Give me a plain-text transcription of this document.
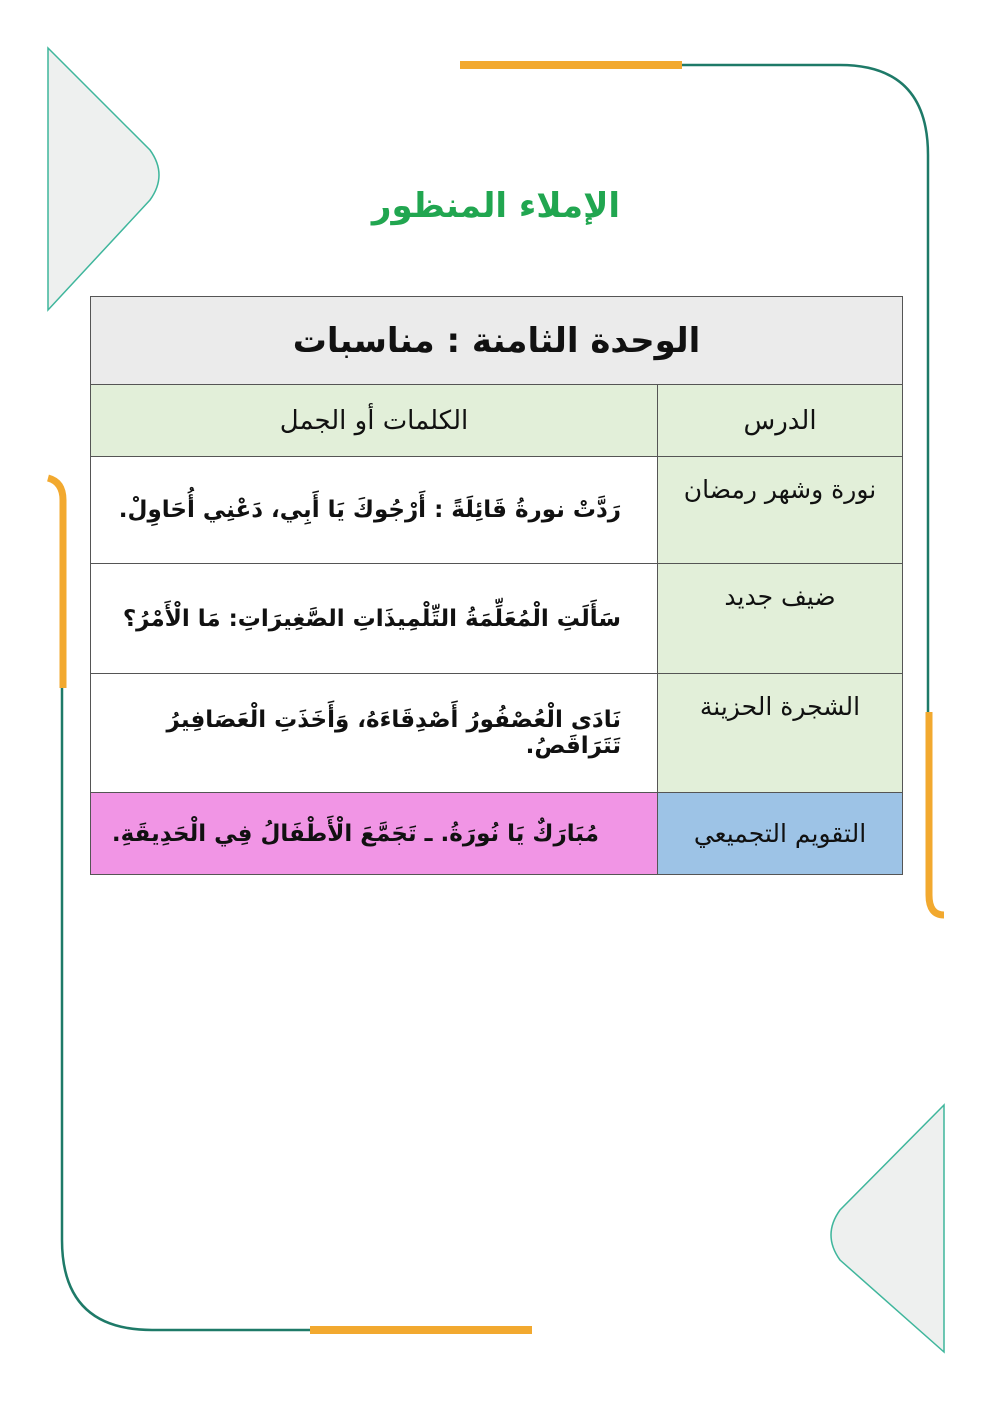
الإملاء المنظور
الوحدة الثامنة : مناسبات	
الدرس	الكلمات أو الجمل
نورة وشهر رمضان	رَدَّتْ نورةُ قَائِلَةً : أَرْجُوكَ يَا أَبِي، دَعْنِي أُحَاوِلْ.
ضيف جديد	سَأَلَتِ الْمُعَلِّمَةُ التِّلْمِيذَاتِ الصَّغِيرَاتِ: مَا الْأَمْرُ؟
الشجرة الحزينة	نَادَى الْعُصْفُورُ أَصْدِقَاءَهُ، وَأَخَذَتِ الْعَصَافِيرُ تَتَرَاقَصُ.
التقويم التجميعي	مُبَارَكٌ يَا نُورَةُ. ـ تَجَمَّعَ الْأَطْفَالُ فِي الْحَدِيقَةِ.
